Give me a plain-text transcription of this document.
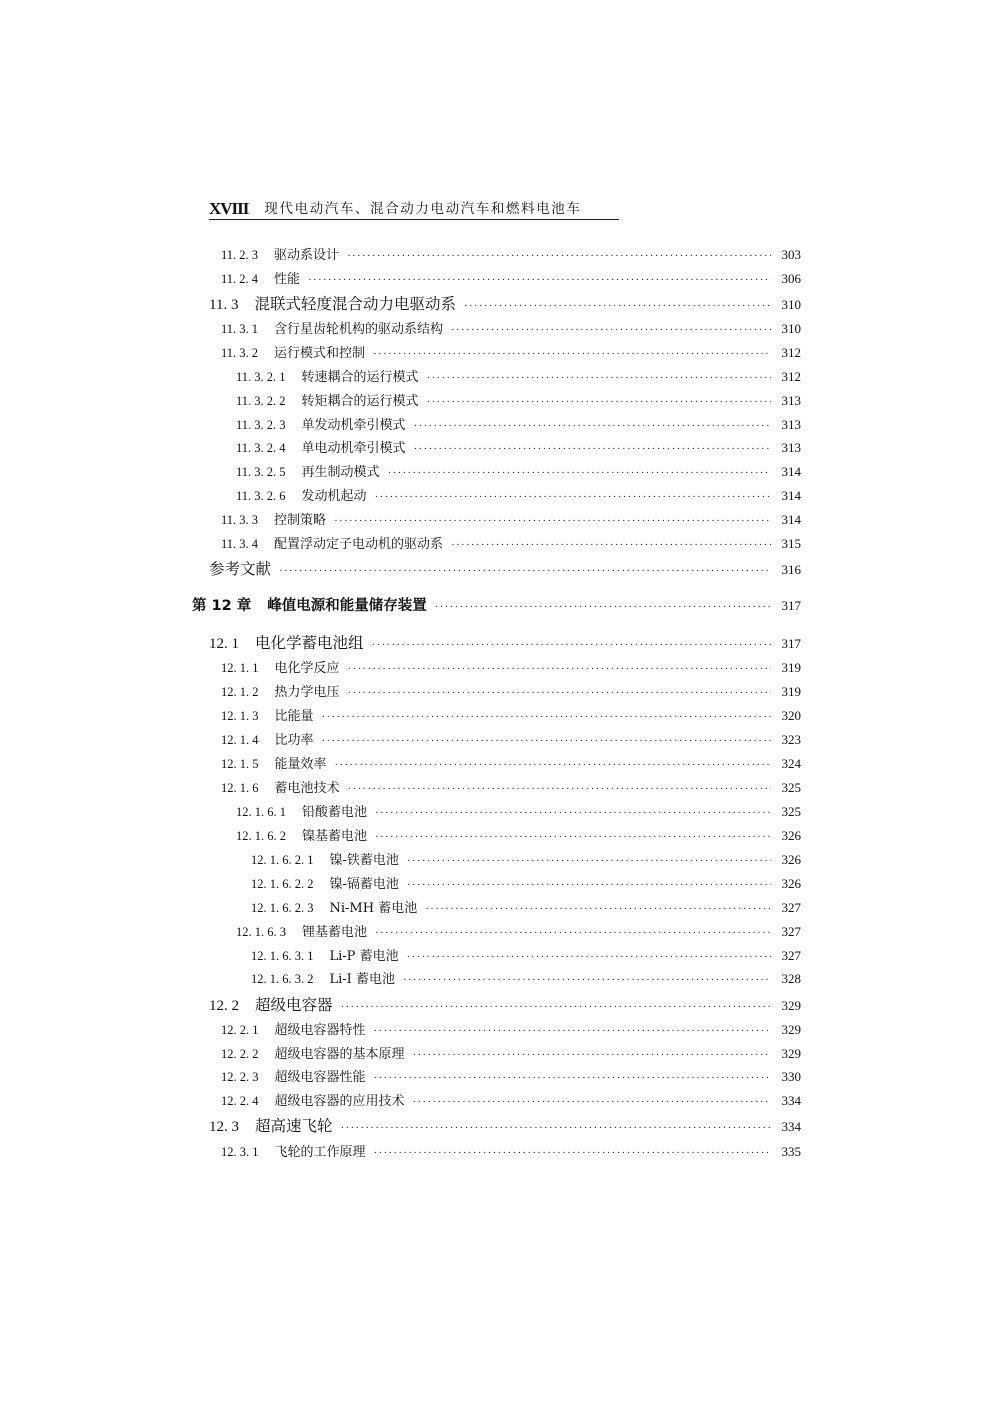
XVIII 现代电动汽车、混合动力电动汽车和燃料电池车
11. 2. 3 驱动系设计 ·····	303
11. 2. 4 性能 ·····	306
11. 3 混联式轻度混合动力电驱动系 ·····	310
11. 3. 1 含行星齿轮机构的驱动系结构 ·····	310
11. 3. 2 运行模式和控制 ·····	312
11. 3. 2. 1 转速耦合的运行模式 ·····	312
11. 3. 2. 2 转矩耦合的运行模式 ·····	313
11. 3. 2. 3 单发动机牵引模式 ·····	313
11. 3. 2. 4 单电动机牵引模式 ·····	313
11. 3. 2. 5 再生制动模式 ·····	314
11. 3. 2. 6 发动机起动 ·····	314
11. 3. 3 控制策略 ·····	314
11. 3. 4 配置浮动定子电动机的驱动系 ·····	315
参考文献 ·····	316
第 12 章 峰值电源和能量储存装置 ·····	317
12. 1 电化学蓄电池组 ·····	317
12. 1. 1 电化学反应 ·····	319
12. 1. 2 热力学电压 ·····	319
12. 1. 3 比能量 ·····	320
12. 1. 4 比功率 ·····	323
12. 1. 5 能量效率 ·····	324
12. 1. 6 蓄电池技术 ·····	325
12. 1. 6. 1 铅酸蓄电池 ·····	325
12. 1. 6. 2 镍基蓄电池 ·····	326
12. 1. 6. 2. 1 镍-铁蓄电池 ·····	326
12. 1. 6. 2. 2 镍-镉蓄电池 ·····	326
12. 1. 6. 2. 3 Ni-MH 蓄电池 ·····	327
12. 1. 6. 3 锂基蓄电池 ·····	327
12. 1. 6. 3. 1 Li-P 蓄电池 ·····	327
12. 1. 6. 3. 2 Li-I 蓄电池 ·····	328
12. 2 超级电容器 ·····	329
12. 2. 1 超级电容器特性 ·····	329
12. 2. 2 超级电容器的基本原理 ·····	329
12. 2. 3 超级电容器性能 ·····	330
12. 2. 4 超级电容器的应用技术 ·····	334
12. 3 超高速飞轮 ·····	334
12. 3. 1 飞轮的工作原理 ·····	335
